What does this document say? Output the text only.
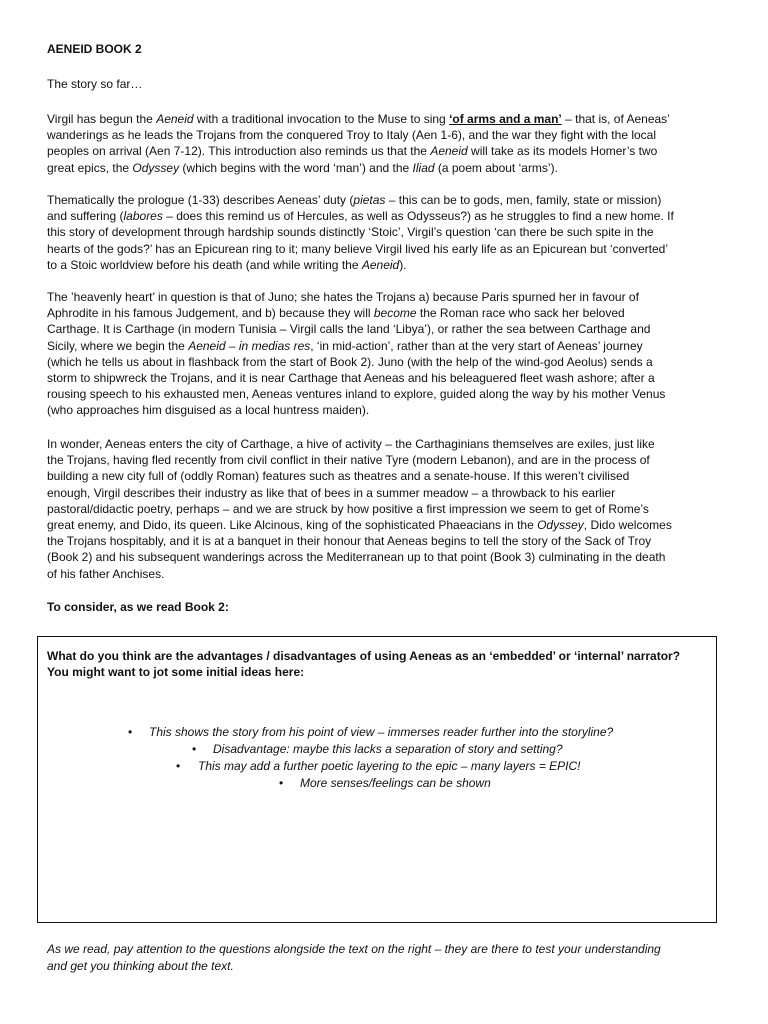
AENEID BOOK 2
The story so far…

Virgil has begun the Aeneid with a traditional invocation to the Muse to sing ‘of arms and a man’ – that is, of Aeneas’

wanderings as he leads the Trojans from the conquered Troy to Italy (Aen 1-6), and the war they fight with the local

peoples on arrival (Aen 7-12). This introduction also reminds us that the Aeneid will take as its models Homer’s two

great epics, the Odyssey (which begins with the word ‘man’) and the Iliad (a poem about ‘arms’).

Thematically the prologue (1-33) describes Aeneas’ duty (pietas – this can be to gods, men, family, state or mission)

and suffering (labores – does this remind us of Hercules, as well as Odysseus?) as he struggles to find a new home. If

this story of development through hardship sounds distinctly ‘Stoic’, Virgil’s question ‘can there be such spite in the

hearts of the gods?’ has an Epicurean ring to it; many believe Virgil lived his early life as an Epicurean but ‘converted’

to a Stoic worldview before his death (and while writing the Aeneid).

The ’heavenly heart’ in question is that of Juno; she hates the Trojans a) because Paris spurned her in favour of

Aphrodite in his famous Judgement, and b) because they will become the Roman race who sack her beloved

Carthage. It is Carthage (in modern Tunisia – Virgil calls the land ‘Libya’), or rather the sea between Carthage and

Sicily, where we begin the Aeneid – in medias res, ‘in mid-action’, rather than at the very start of Aeneas’ journey

(which he tells us about in flashback from the start of Book 2). Juno (with the help of the wind-god Aeolus) sends a

storm to shipwreck the Trojans, and it is near Carthage that Aeneas and his beleaguered fleet wash ashore; after a

rousing speech to his exhausted men, Aeneas ventures inland to explore, guided along the way by his mother Venus

(who approaches him disguised as a local huntress maiden).

In wonder, Aeneas enters the city of Carthage, a hive of activity – the Carthaginians themselves are exiles, just like

the Trojans, having fled recently from civil conflict in their native Tyre (modern Lebanon), and are in the process of

building a new city full of (oddly Roman) features such as theatres and a senate-house. If this weren’t civilised

enough, Virgil describes their industry as like that of bees in a summer meadow – a throwback to his earlier

pastoral/didactic poetry, perhaps – and we are struck by how positive a first impression we seem to get of Rome’s

great enemy, and Dido, its queen. Like Alcinous, king of the sophisticated Phaeacians in the Odyssey, Dido welcomes

the Trojans hospitably, and it is at a banquet in their honour that Aeneas begins to tell the story of the Sack of Troy

(Book 2) and his subsequent wanderings across the Mediterranean up to that point (Book 3) culminating in the death

of his father Anchises.

To consider, as we read Book 2:
What do you think are the advantages / disadvantages of using Aeneas as an ‘embedded’ or ‘internal’ narrator?
You might want to jot some initial ideas here:
• This shows the story from his point of view – immerses reader further into the storyline?
• Disadvantage: maybe this lacks a separation of story and setting?
• This may add a further poetic layering to the epic – many layers = EPIC!
• More senses/feelings can be shown
As we read, pay attention to the questions alongside the text on the right – they are there to test your understanding
and get you thinking about the text.
